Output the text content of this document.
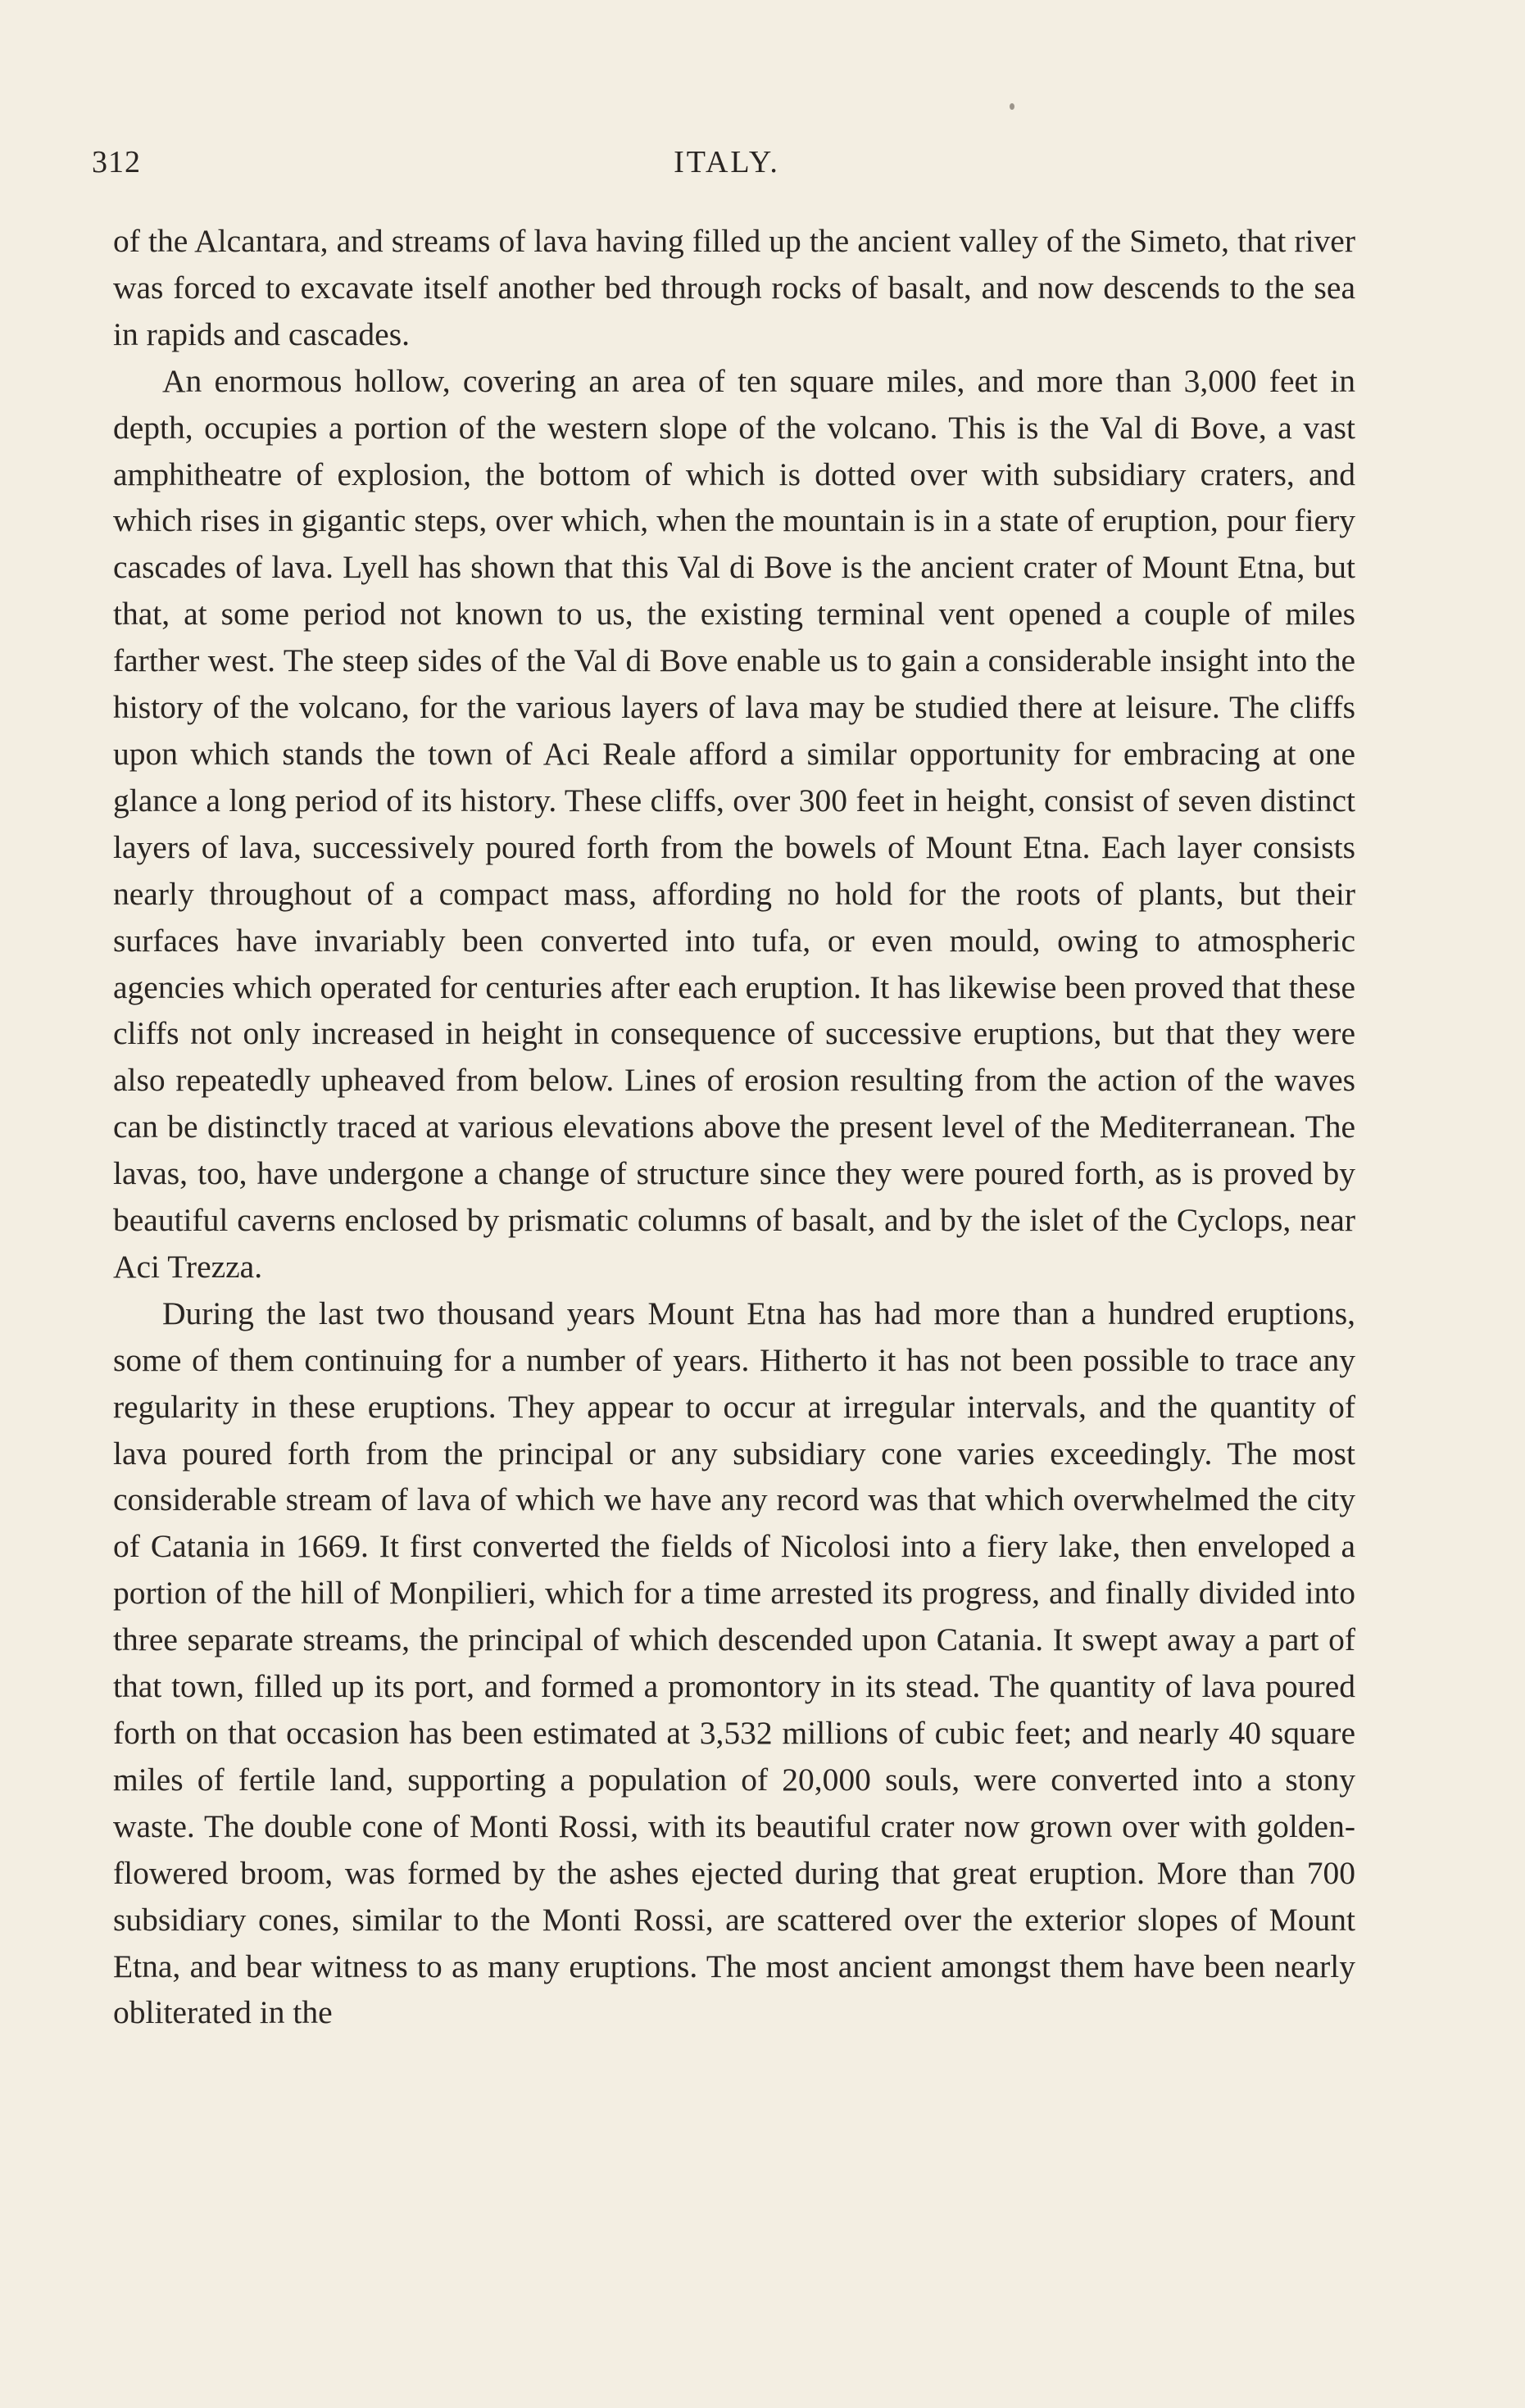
312	ITALY.

of the Alcantara, and streams of lava having filled up the ancient valley of the Simeto, that river was forced to excavate itself another bed through rocks of basalt, and now descends to the sea in rapids and cascades.

An enormous hollow, covering an area of ten square miles, and more than 3,000 feet in depth, occupies a portion of the western slope of the volcano. This is the Val di Bove, a vast amphitheatre of explosion, the bottom of which is dotted over with subsidiary craters, and which rises in gigantic steps, over which, when the mountain is in a state of eruption, pour fiery cascades of lava. Lyell has shown that this Val di Bove is the ancient crater of Mount Etna, but that, at some period not known to us, the existing terminal vent opened a couple of miles farther west. The steep sides of the Val di Bove enable us to gain a considerable insight into the history of the volcano, for the various layers of lava may be studied there at leisure. The cliffs upon which stands the town of Aci Reale afford a similar opportunity for embracing at one glance a long period of its history. These cliffs, over 300 feet in height, consist of seven distinct layers of lava, successively poured forth from the bowels of Mount Etna. Each layer consists nearly throughout of a compact mass, affording no hold for the roots of plants, but their surfaces have invariably been converted into tufa, or even mould, owing to atmospheric agencies which operated for centuries after each eruption. It has likewise been proved that these cliffs not only increased in height in consequence of successive eruptions, but that they were also repeatedly upheaved from below. Lines of erosion resulting from the action of the waves can be distinctly traced at various elevations above the present level of the Mediterranean. The lavas, too, have undergone a change of structure since they were poured forth, as is proved by beautiful caverns enclosed by prismatic columns of basalt, and by the islet of the Cyclops, near Aci Trezza.

During the last two thousand years Mount Etna has had more than a hundred eruptions, some of them continuing for a number of years. Hitherto it has not been possible to trace any regularity in these eruptions. They appear to occur at irregular intervals, and the quantity of lava poured forth from the principal or any subsidiary cone varies exceedingly. The most considerable stream of lava of which we have any record was that which overwhelmed the city of Catania in 1669. It first converted the fields of Nicolosi into a fiery lake, then enveloped a portion of the hill of Monpilieri, which for a time arrested its progress, and finally divided into three separate streams, the principal of which descended upon Catania. It swept away a part of that town, filled up its port, and formed a promontory in its stead. The quantity of lava poured forth on that occasion has been estimated at 3,532 millions of cubic feet; and nearly 40 square miles of fertile land, supporting a population of 20,000 souls, were converted into a stony waste. The double cone of Monti Rossi, with its beautiful crater now grown over with golden-flowered broom, was formed by the ashes ejected during that great eruption. More than 700 subsidiary cones, similar to the Monti Rossi, are scattered over the exterior slopes of Mount Etna, and bear witness to as many eruptions. The most ancient amongst them have been nearly obliterated in the
